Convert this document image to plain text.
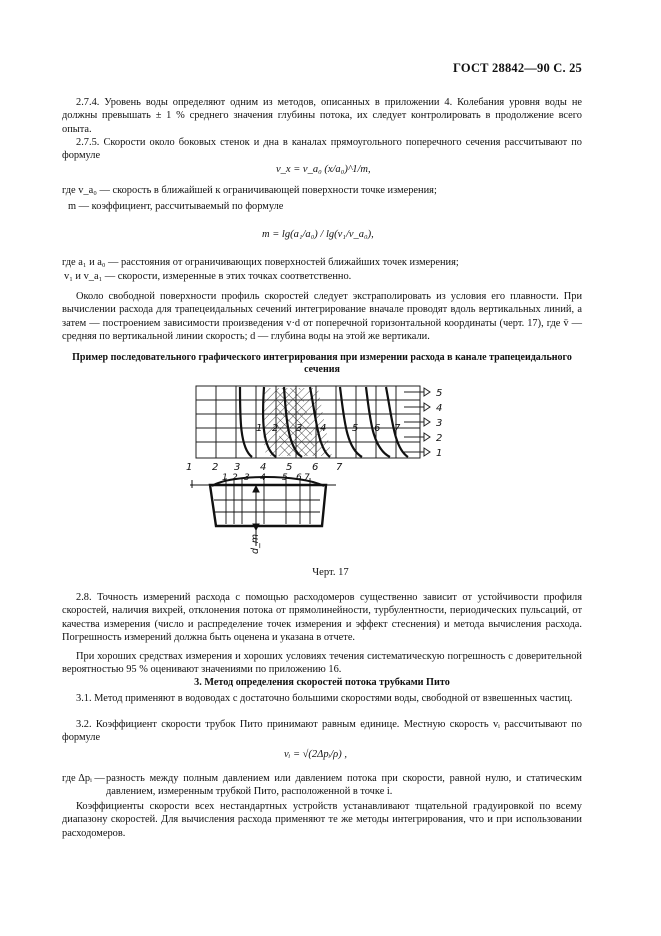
ГОСТ 28842—90 С. 25

2.7.4. Уровень воды определяют одним из методов, описанных в приложении 4. Колебания уровня воды не должны превышать ± 1 % среднего значения глубины потока, их следует контролировать в продолжение всего опыта.

2.7.5. Скорости около боковых стенок и дна в каналах прямоугольного поперечного сечения рассчитывают по формуле

v_x = v_a₀ (x/a₀)^1/m,
где v_a₀ — скорость в ближайшей к ограничивающей поверхности точке измерения;
m — коэффициент, рассчитываемый по формуле
m = lg(a₁/a₀) / lg(v₁/v_a₀),
где a₁ и a₀ — расстояния от ограничивающих поверхностей ближайших точек измерения;
v₁ и v_a₁ — скорости, измеренные в этих точках соответственно.

Около свободной поверхности профиль скоростей следует экстраполировать из условия его плавности. При вычислении расхода для трапецеидальных сечений интегрирование вначале проводят вдоль вертикальных линий, а затем — построением зависимости произведения v·d от поперечной горизонтальной координаты (черт. 17), где v̄ — средняя по вертикальной линии скорость; d — глубина воды на этой же вертикали.

Пример последовательного графического интегрирования при измерении расхода в канале трапецеидального сечения
1 2 3 4	5 6 7
5
4
3
2
1
1 2 3 4 5 6 7
1 2 3 4 5 6 7
d_m
Черт. 17

2.8. Точность измерений расхода с помощью расходомеров существенно зависит от устойчивости профиля скоростей, наличия вихрей, отклонения потока от прямолинейности, турбулентности, периодических пульсаций, от качества измерения (число и распределение точек измерения и эффект стеснения) и метода вычисления расхода. Погрешность измерений должна быть оценена и указана в отчете.

При хороших средствах измерения и хороших условиях течения систематическую погрешность с доверительной вероятностью 95 % оценивают значениями по приложению 16.

3. Метод определения скоростей потока трубками Пито

3.1. Метод применяют в водоводах с достаточно большими скоростями воды, свободной от взвешенных частиц.

3.2. Коэффициент скорости трубок Пито принимают равным единице. Местную скорость vᵢ рассчитывают по формуле

vᵢ = √(2Δpᵢ/ρ) ,
где Δpᵢ — разность между полным давлением или давлением потока при скорости, равной нулю, и статическим давлением, измеренным трубкой Пито, расположенной в точке i.

Коэффициенты скорости всех нестандартных устройств устанавливают тщательной градуировкой по всему диапазону скоростей. Для вычисления расхода применяют те же методы интегрирования, что и при использовании расходомеров.
